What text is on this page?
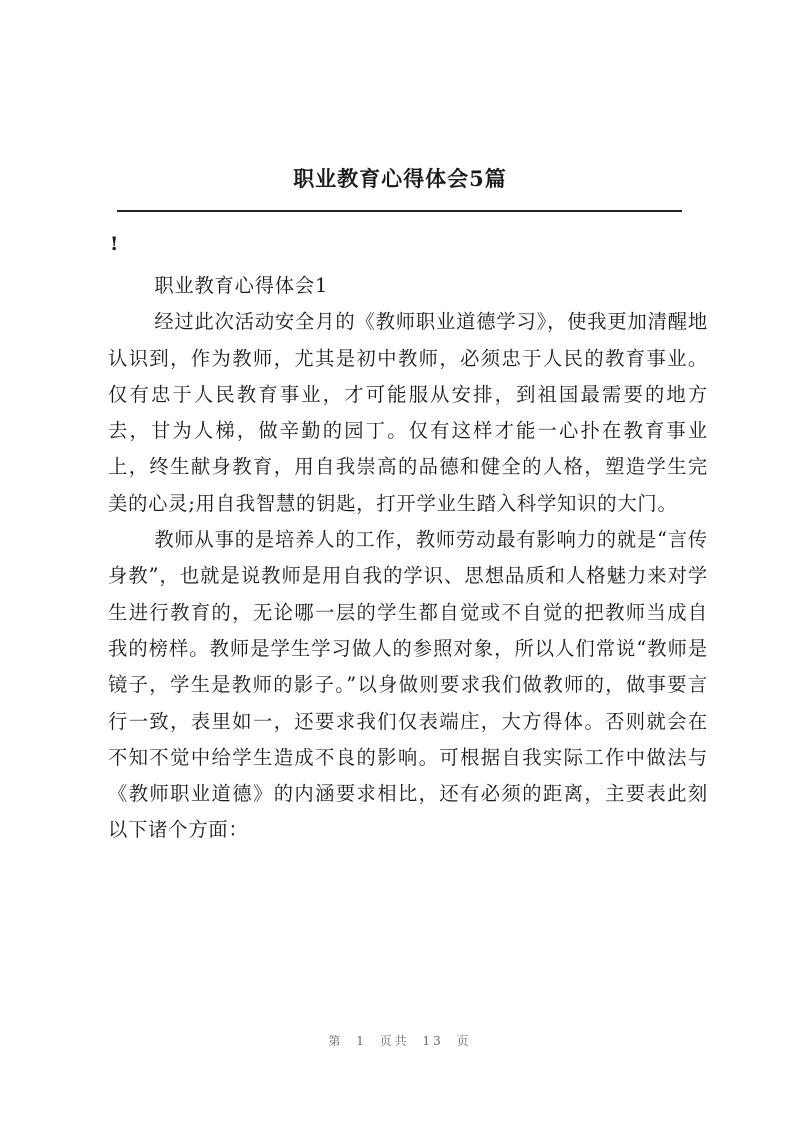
职业教育心得体会5篇
!

职业教育心得体会1

经过此次活动安全月的《教师职业道德学习》，使我更加清醒地认识到，作为教师，尤其是初中教师，必须忠于人民的教育事业。仅有忠于人民教育事业，才可能服从安排，到祖国最需要的地方去，甘为人梯，做辛勤的园丁。仅有这样才能一心扑在教育事业上，终生献身教育，用自我崇高的品德和健全的人格，塑造学生完美的心灵;用自我智慧的钥匙，打开学业生踏入科学知识的大门。

教师从事的是培养人的工作，教师劳动最有影响力的就是“言传身教”，也就是说教师是用自我的学识、思想品质和人格魅力来对学生进行教育的，无论哪一层的学生都自觉或不自觉的把教师当成自我的榜样。教师是学生学习做人的参照对象，所以人们常说“教师是镜子，学生是教师的影子。”以身做则要求我们做教师的，做事要言行一致，表里如一，还要求我们仅表端庄，大方得体。否则就会在不知不觉中给学生造成不良的影响。可根据自我实际工作中做法与《教师职业道德》的内涵要求相比，还有必须的距离，主要表此刻以下诸个方面：

第 1 页共 13 页
